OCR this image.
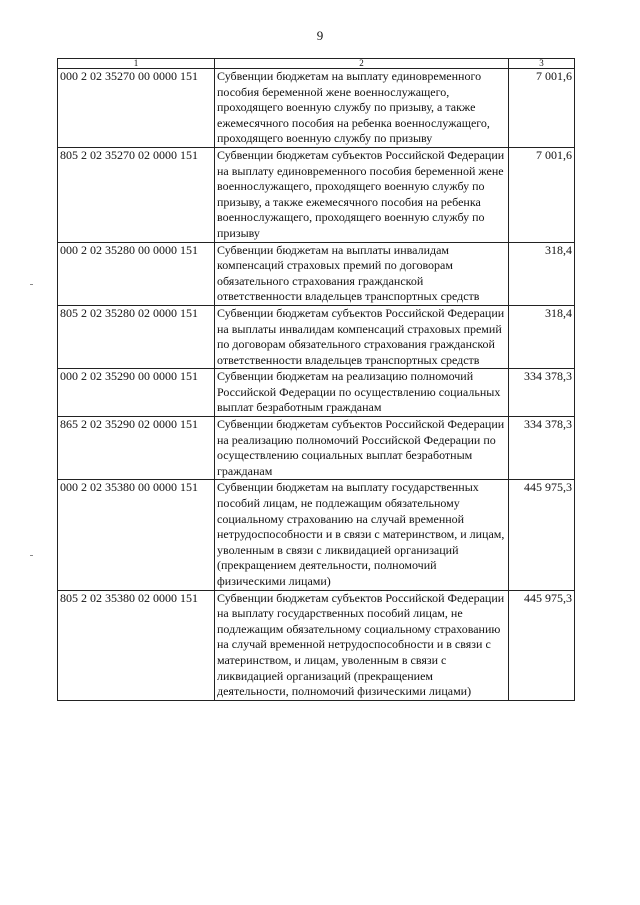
9
1	2	3
000 2 02 35270 00 0000 151	Субвенции бюджетам на выплату единовременного пособия беременной жене военнослужащего, проходящего военную службу по призыву, а также ежемесячного пособия на ребенка военнослужащего, проходящего военную службу по призыву	7 001,6
805 2 02 35270 02 0000 151	Субвенции бюджетам субъектов Российской Федерации на выплату единовременного пособия беременной жене военнослужащего, проходящего военную службу по призыву, а также ежемесячного пособия на ребенка военнослужащего, проходящего военную службу по призыву	7 001,6
000 2 02 35280 00 0000 151	Субвенции бюджетам на выплаты инвалидам компенсаций страховых премий по договорам обязательного страхования гражданской ответственности владельцев транспортных средств	318,4
805 2 02 35280 02 0000 151	Субвенции бюджетам субъектов Российской Федерации на выплаты инвалидам компенсаций страховых премий по договорам обязательного страхования гражданской ответственности владельцев транспортных средств	318,4
000 2 02 35290 00 0000 151	Субвенции бюджетам на реализацию полномочий Российской Федерации по осуществлению социальных выплат безработным гражданам	334 378,3
865 2 02 35290 02 0000 151	Субвенции бюджетам субъектов Российской Федерации на реализацию полномочий Российской Федерации по осуществлению социальных выплат безработным гражданам	334 378,3
000 2 02 35380 00 0000 151	Субвенции бюджетам на выплату государственных пособий лицам, не подлежащим обязательному социальному страхованию на случай временной нетрудоспособности и в связи с материнством, и лицам, уволенным в связи с ликвидацией организаций (прекращением деятельности, полномочий физическими лицами)	445 975,3
805 2 02 35380 02 0000 151	Субвенции бюджетам субъектов Российской Федерации на выплату государственных пособий лицам, не подлежащим обязательному социальному страхованию на случай временной нетрудоспособности и в связи с материнством, и лицам, уволенным в связи с ликвидацией организаций (прекращением деятельности, полномочий физическими лицами)	445 975,3
